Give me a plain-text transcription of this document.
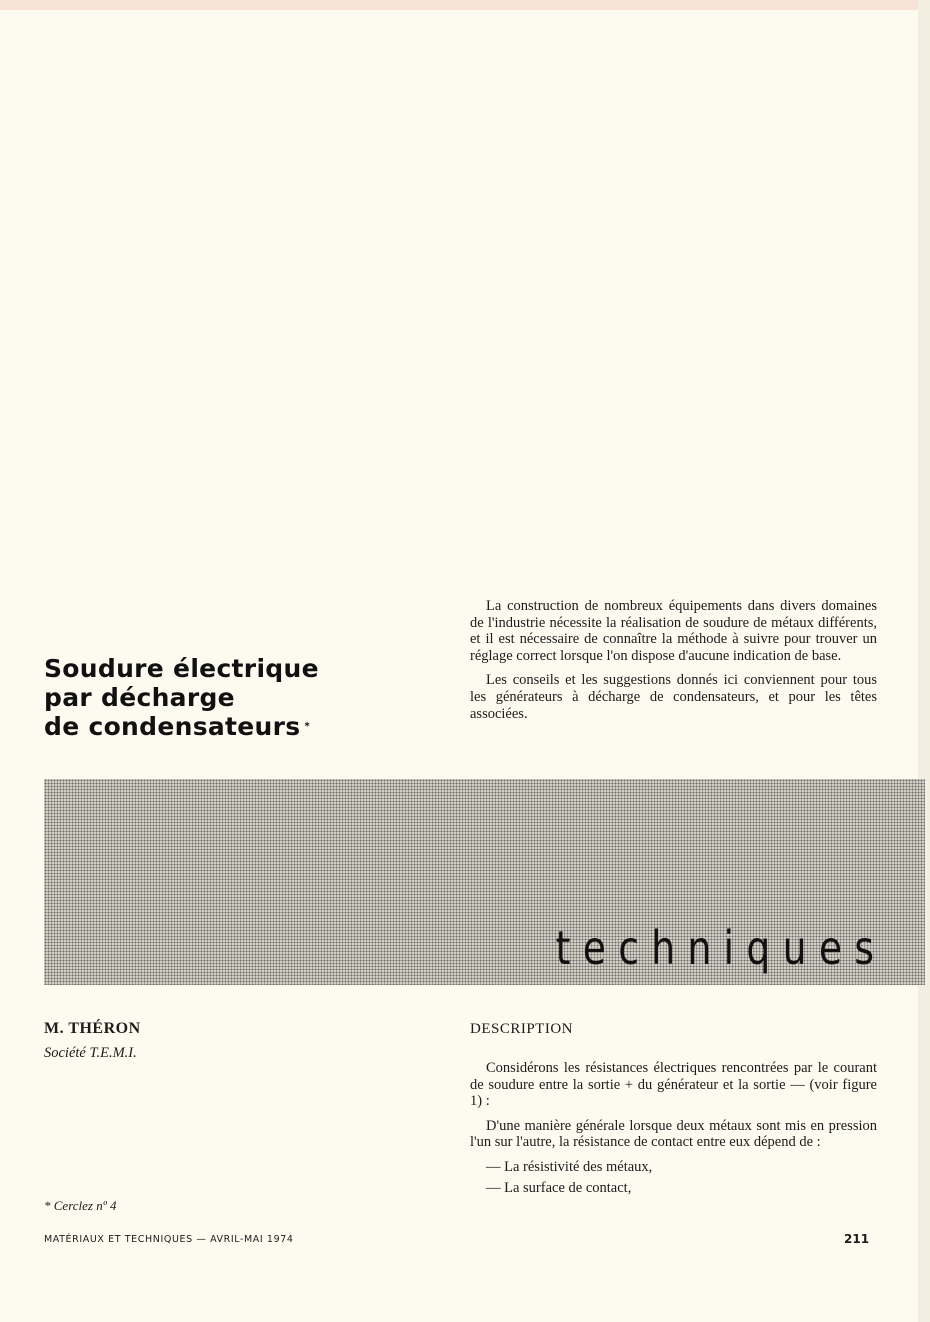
Soudure électrique
par décharge
de condensateurs *

La construction de nombreux équipements dans divers domaines de l'industrie nécessite la réalisation de soudure de métaux différents, et il est nécessaire de connaître la méthode à suivre pour trouver un réglage correct lorsque l'on dispose d'aucune indication de base.

Les conseils et les suggestions donnés ici conviennent pour tous les générateurs à décharge de condensateurs, et pour les têtes associées.

techniques
M. THÉRON
Société T.E.M.I.
* Cerclez nº 4
DESCRIPTION

Considérons les résistances électriques rencontrées par le courant de soudure entre la sortie + du générateur et la sortie — (voir figure 1) :

D'une manière générale lorsque deux métaux sont mis en pression l'un sur l'autre, la résistance de contact entre eux dépend de :

— La résistivité des métaux,
— La surface de contact,
MATÉRIAUX ET TECHNIQUES — AVRIL-MAI 1974	211
